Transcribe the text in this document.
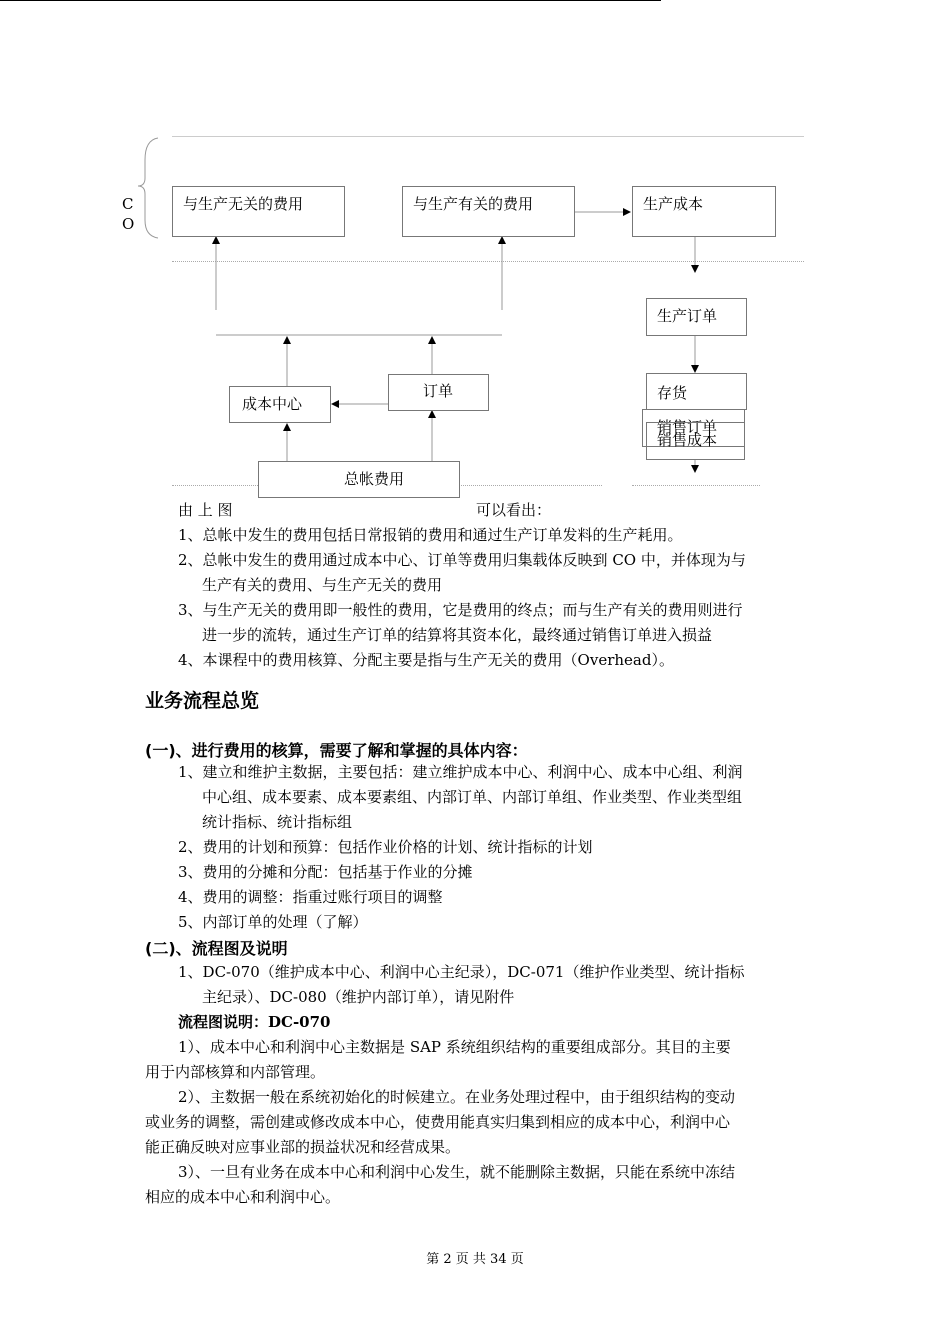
C
O
与生产无关的费用	与生产有关的费用	生产成本
生产订单
存货
销售订单
销售成本
成本中心
订单
总帐费用
由 上 图	可以看出：
1、总帐中发生的费用包括日常报销的费用和通过生产订单发料的生产耗用。
2、总帐中发生的费用通过成本中心、订单等费用归集载体反映到 CO 中，并体现为与
生产有关的费用、与生产无关的费用
3、与生产无关的费用即一般性的费用，它是费用的终点；而与生产有关的费用则进行
进一步的流转，通过生产订单的结算将其资本化，最终通过销售订单进入损益
4、本课程中的费用核算、分配主要是指与生产无关的费用（Overhead）。
业务流程总览
(一)、进行费用的核算，需要了解和掌握的具体内容：
1、建立和维护主数据，主要包括：建立维护成本中心、利润中心、成本中心组、利润
中心组、成本要素、成本要素组、内部订单、内部订单组、作业类型、作业类型组
统计指标、统计指标组
2、费用的计划和预算：包括作业价格的计划、统计指标的计划
3、费用的分摊和分配：包括基于作业的分摊
4、费用的调整：指重过账行项目的调整
5、内部订单的处理（了解）
(二)、流程图及说明
1、DC-070（维护成本中心、利润中心主纪录），DC-071（维护作业类型、统计指标
主纪录）、DC-080（维护内部订单），请见附件
流程图说明：DC-070
1）、成本中心和利润中心主数据是 SAP 系统组织结构的重要组成部分。其目的主要
用于内部核算和内部管理。
2）、主数据一般在系统初始化的时候建立。在业务处理过程中，由于组织结构的变动
或业务的调整，需创建或修改成本中心，使费用能真实归集到相应的成本中心，利润中心
能正确反映对应事业部的损益状况和经营成果。
3）、一旦有业务在成本中心和利润中心发生，就不能删除主数据，只能在系统中冻结
相应的成本中心和利润中心。
第 2 页 共 34 页
